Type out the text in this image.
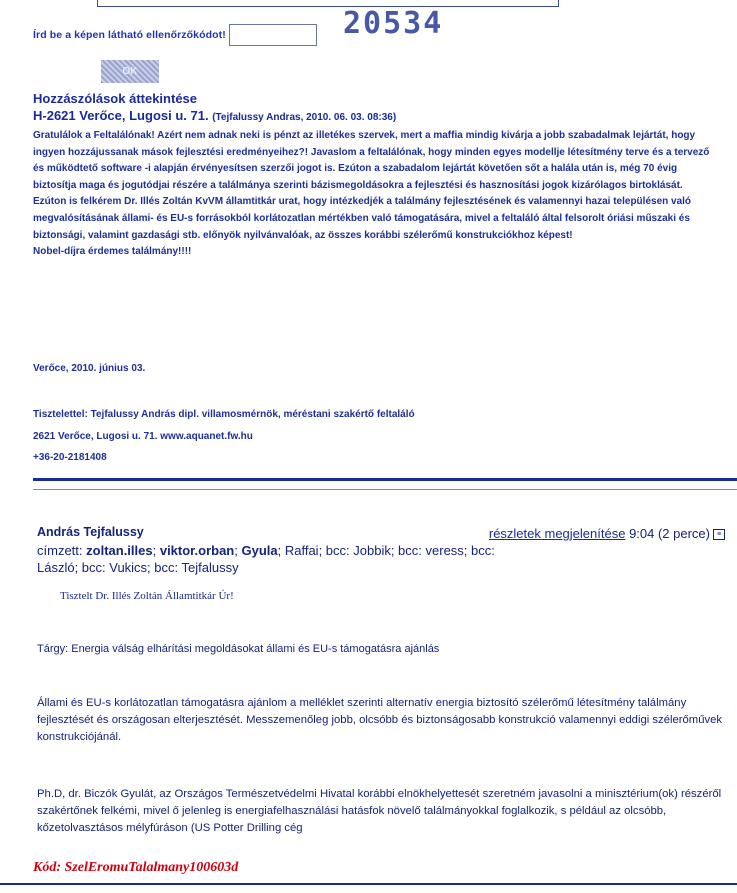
Írd be a képen látható ellenőrzőkódot!	20534
OK
Hozzászólások áttekintése
H-2621 Verőce, Lugosi u. 71. (Tejfalussy Andras, 2010. 06. 03. 08:36)

Gratulálok a Feltalálónak! Azért nem adnak neki is pénzt az illetékes szervek, mert a maffia mindig kivárja a jobb szabadalmak lejártát, hogy ingyen hozzájussanak mások fejlesztési eredményeihez?! Javaslom a feltalálónak, hogy minden egyes modellje létesítmény terve és a tervező és működtető software -i alapján érvényesítsen szerzői jogot is. Ezúton a szabadalom lejártát követően sőt a halála után is, még 70 évig biztosítja maga és jogutódjai részére a találmánya szerinti bázismegoldásokra a fejlesztési és hasznosítási jogok kizárólagos birtoklását.

Ezúton is felkérem Dr. Illés Zoltán KvVM államtitkár urat, hogy intézkedjék a találmány fejlesztésének és valamennyi hazai településen való megvalósításának állami- és EU-s forrásokból korlátozatlan mértékben való támogatására, mivel a feltaláló által felsorolt óriási műszaki és biztonsági, valamint gazdasági stb. előnyök nyilvánvalóak, az összes korábbi szélerőmű konstrukciókhoz képest!

Nobel-díjra érdemes találmány!!!!

Verőce, 2010. június 03.
Tisztelettel: Tejfalussy András dipl. villamosmérnök, méréstani szakértő feltaláló
2621 Verőce, Lugosi u. 71. www.aquanet.fw.hu
+36-20-2181408
András Tejfalussy
címzett: zoltan.illes; viktor.orban; Gyula; Raffai; bcc: Jobbik; bcc: veress; bcc: László; bcc: Vukics; bcc: Tejfalussy
részletek megjelenítése 9:04 (2 perce) ≡
Tisztelt Dr. Illés Zoltán Államtitkár Úr!
Tárgy: Energia válság elhárítási megoldásokat állami és EU-s támogatásra ajánlás
Állami és EU-s korlátozatlan támogatásra ajánlom a melléklet szerinti alternatív energia biztosító szélerőmű létesítmény találmány fejlesztését és országosan elterjesztését. Messzemenőleg jobb, olcsóbb és biztonságosabb konstrukció valamennyi eddigi szélerőművek konstrukciójánál.
Ph.D, dr. Biczók Gyulát, az Országos Természetvédelmi Hivatal korábbi elnökhelyettesét szeretném javasolni a minisztérium(ok) részéről szakértőnek felkémi, mivel ő jelenleg is energiafelhasználási hatásfok növelő találmányokkal foglalkozik, s például az olcsóbb, kőzetolvasztásos mélyfúráson (US Potter Drilling cég
Kód: SzelEromuTalalmany100603d
